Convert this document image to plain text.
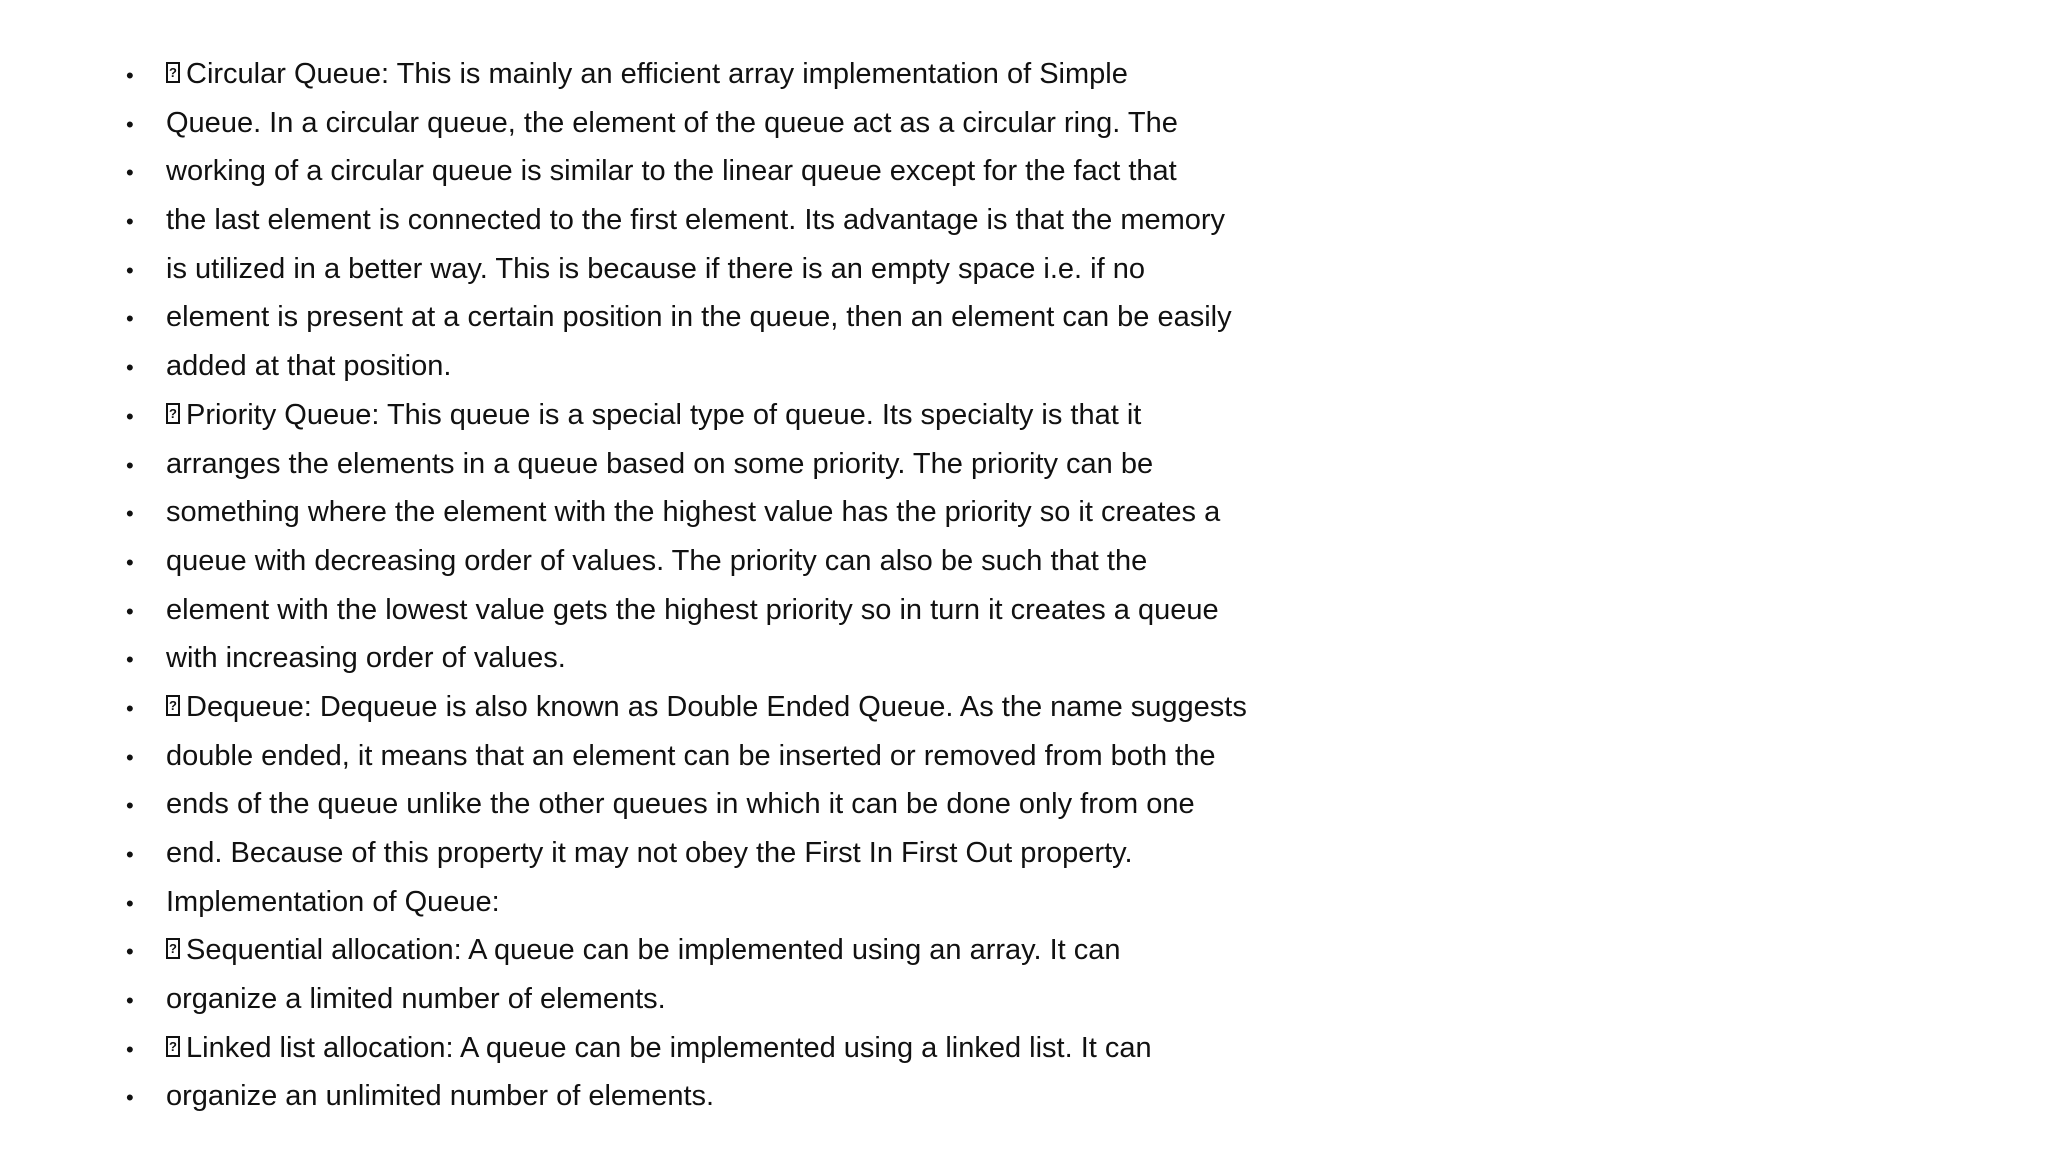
• ?	Circular Queue: This is mainly an efficient array implementation of Simple
•	Queue. In a circular queue, the element of the queue act as a circular ring. The
•	working of a circular queue is similar to the linear queue except for the fact that
•	the last element is connected to the first element. Its advantage is that the memory
•	is utilized in a better way. This is because if there is an empty space i.e. if no
•	element is present at a certain position in the queue, then an element can be easily
•	added at that position.
• ?	Priority Queue: This queue is a special type of queue. Its specialty is that it
•	arranges the elements in a queue based on some priority. The priority can be
•	something where the element with the highest value has the priority so it creates a
•	queue with decreasing order of values. The priority can also be such that the
•	element with the lowest value gets the highest priority so in turn it creates a queue
•	with increasing order of values.
• ?	Dequeue: Dequeue is also known as Double Ended Queue. As the name suggests
•	double ended, it means that an element can be inserted or removed from both the
•	ends of the queue unlike the other queues in which it can be done only from one
•	end. Because of this property it may not obey the First In First Out property.
•	Implementation of Queue:
• ?	Sequential allocation: A queue can be implemented using an array. It can
•	organize a limited number of elements.
• ?	Linked list allocation: A queue can be implemented using a linked list. It can
•	organize an unlimited number of elements.
